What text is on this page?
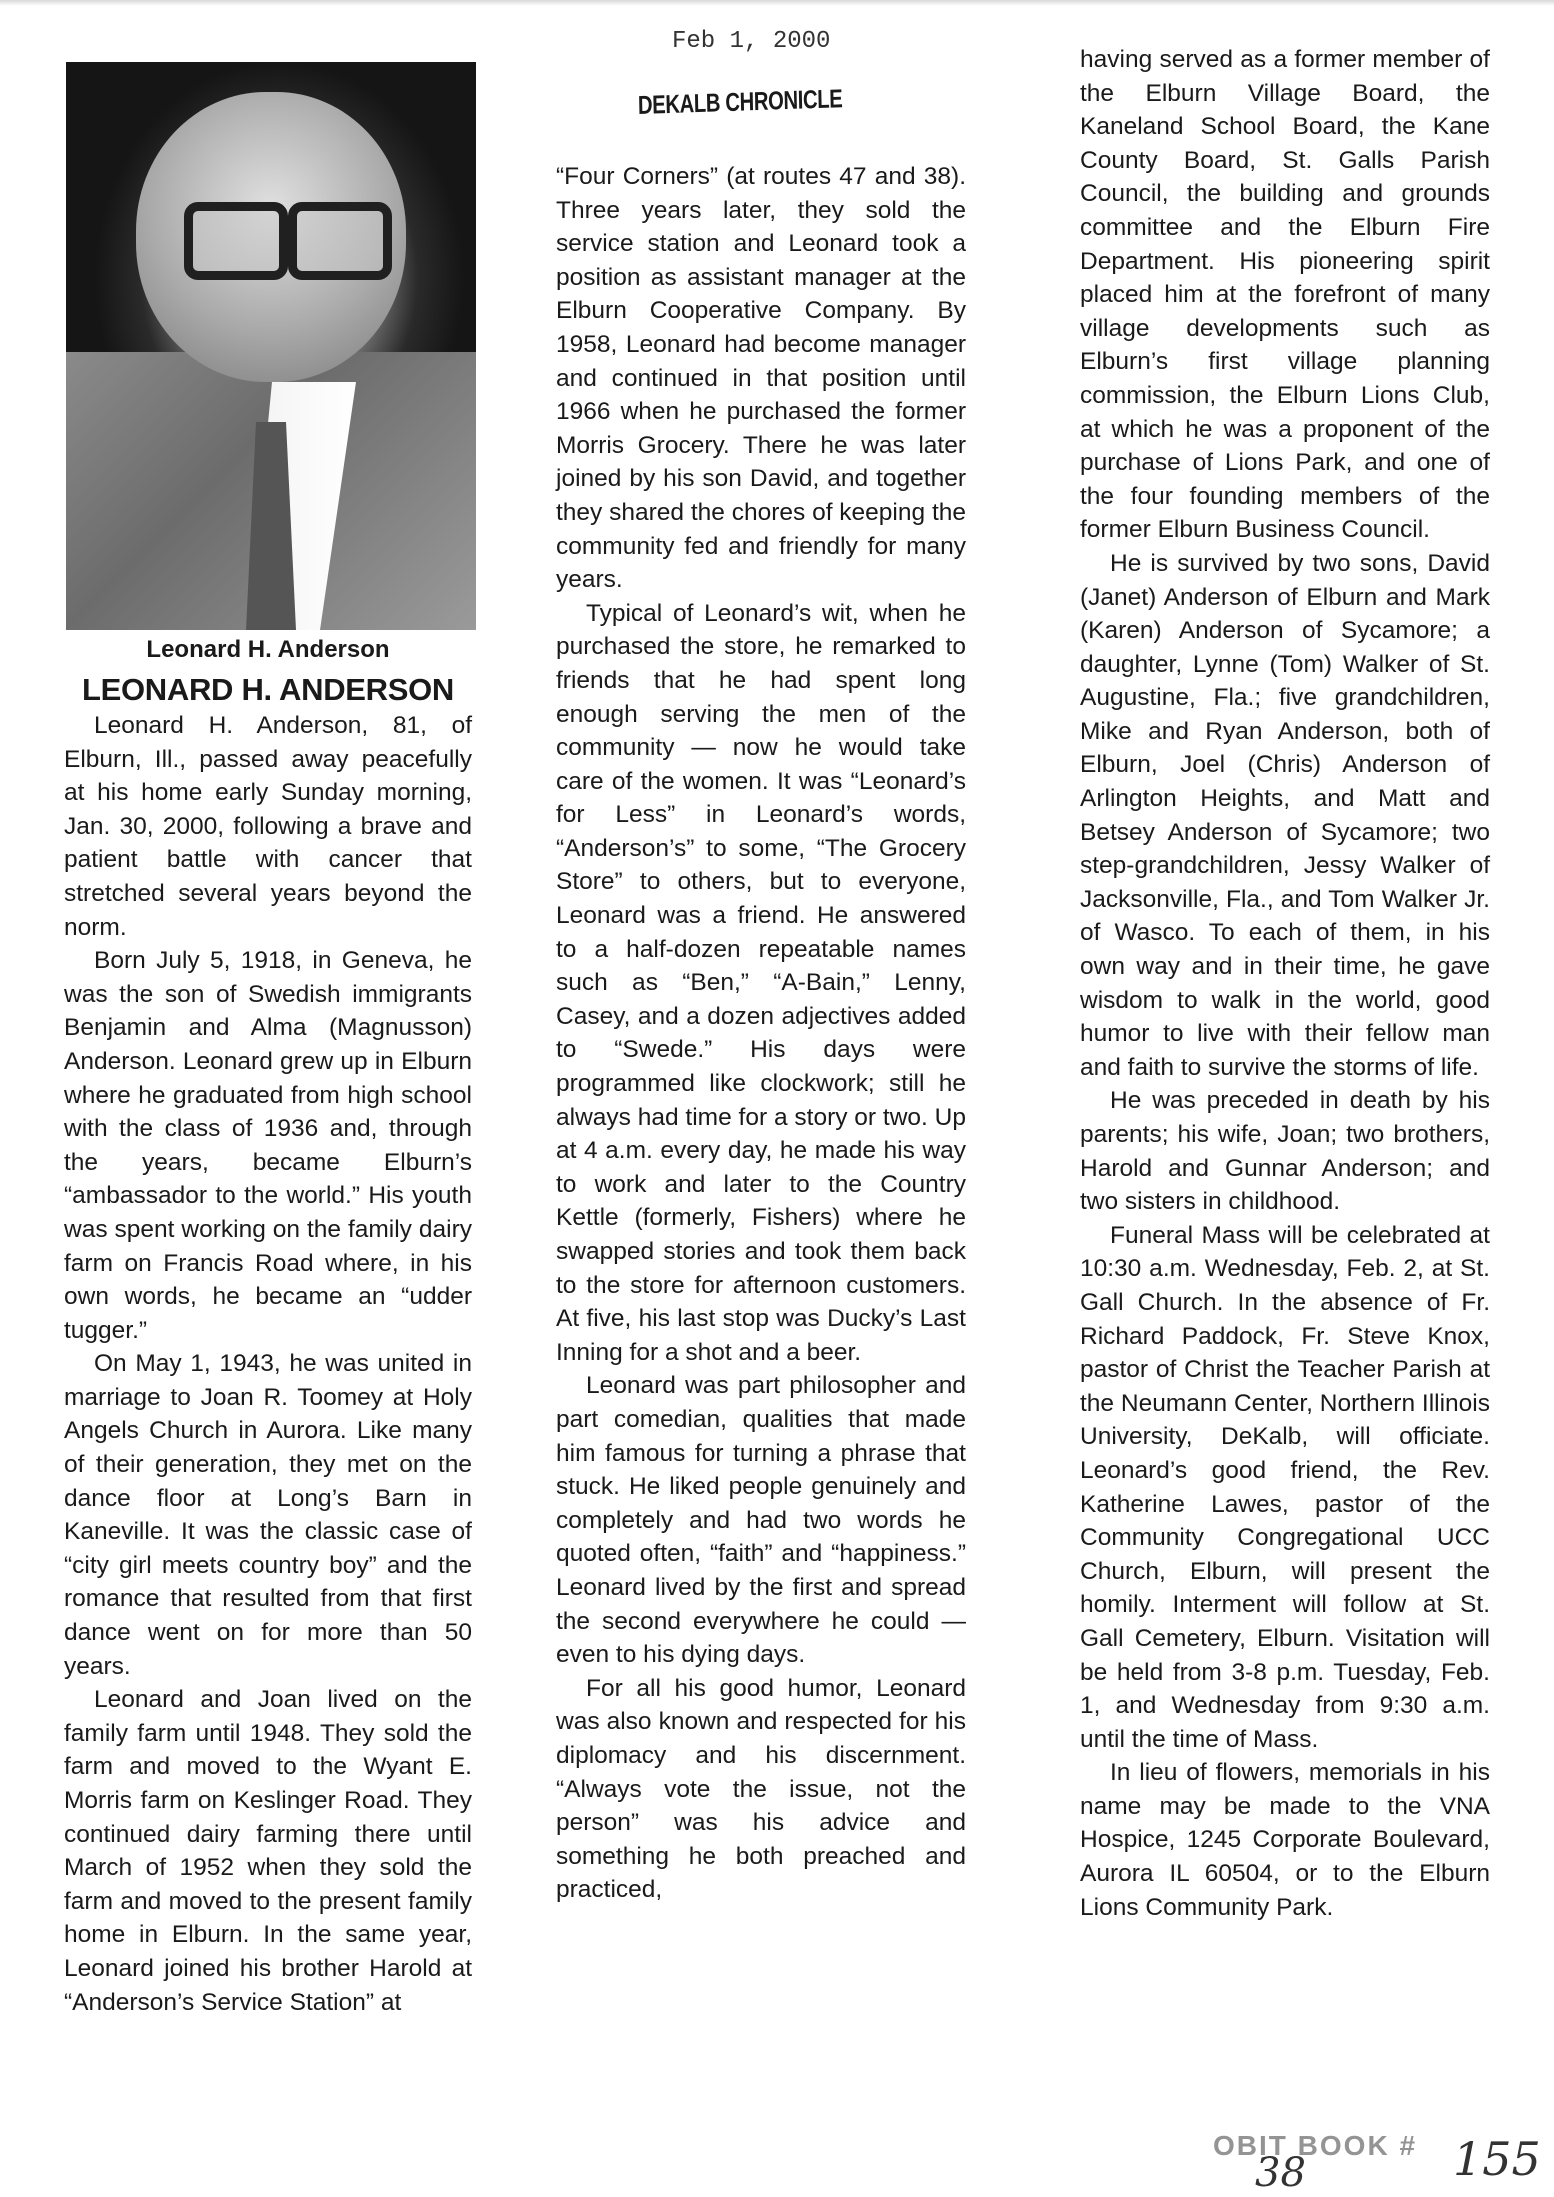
Leonard H. Anderson
LEONARD H. ANDERSON
Feb 1, 2000
DEKALB CHRONICLE

Leonard H. Anderson, 81, of Elburn, Ill., passed away peacefully at his home early Sunday morning, Jan. 30, 2000, following a brave and patient battle with cancer that stretched several years beyond the norm.

Born July 5, 1918, in Geneva, he was the son of Swedish immigrants Benjamin and Alma (Magnusson) Anderson. Leonard grew up in Elburn where he graduated from high school with the class of 1936 and, through the years, became Elburn’s “ambassador to the world.” His youth was spent working on the family dairy farm on Francis Road where, in his own words, he became an “udder tugger.”

On May 1, 1943, he was united in marriage to Joan R. Toomey at Holy Angels Church in Aurora. Like many of their generation, they met on the dance floor at Long’s Barn in Kaneville. It was the classic case of “city girl meets country boy” and the romance that resulted from that first dance went on for more than 50 years.

Leonard and Joan lived on the family farm until 1948. They sold the farm and moved to the Wyant E. Morris farm on Keslinger Road. They continued dairy farming there until March of 1952 when they sold the farm and moved to the present family home in Elburn. In the same year, Leonard joined his brother Harold at “Anderson’s Service Station” at

“Four Corners” (at routes 47 and 38). Three years later, they sold the service station and Leonard took a position as assistant manager at the Elburn Cooperative Company. By 1958, Leonard had become manager and continued in that position until 1966 when he purchased the former Morris Grocery. There he was later joined by his son David, and together they shared the chores of keeping the community fed and friendly for many years.

Typical of Leonard’s wit, when he purchased the store, he remarked to friends that he had spent long enough serving the men of the community — now he would take care of the women. It was “Leonard’s for Less” in Leonard’s words, “Anderson’s” to some, “The Grocery Store” to others, but to everyone, Leonard was a friend. He answered to a half-dozen repeatable names such as “Ben,” “A-Bain,” Lenny, Casey, and a dozen adjectives added to “Swede.” His days were programmed like clockwork; still he always had time for a story or two. Up at 4 a.m. every day, he made his way to work and later to the Country Kettle (formerly, Fishers) where he swapped stories and took them back to the store for afternoon customers. At five, his last stop was Ducky’s Last Inning for a shot and a beer.

Leonard was part philosopher and part comedian, qualities that made him famous for turning a phrase that stuck. He liked people genuinely and completely and had two words he quoted often, “faith” and “happiness.” Leonard lived by the first and spread the second everywhere he could — even to his dying days.

For all his good humor, Leonard was also known and respected for his diplomacy and his discernment. “Always vote the issue, not the person” was his advice and something he both preached and practiced,

having served as a former member of the Elburn Village Board, the Kaneland School Board, the Kane County Board, St. Galls Parish Council, the building and grounds committee and the Elburn Fire Department. His pioneering spirit placed him at the forefront of many village developments such as Elburn’s first village planning commission, the Elburn Lions Club, at which he was a proponent of the purchase of Lions Park, and one of the four founding members of the former Elburn Business Council.

He is survived by two sons, David (Janet) Anderson of Elburn and Mark (Karen) Anderson of Sycamore; a daughter, Lynne (Tom) Walker of St. Augustine, Fla.; five grandchildren, Mike and Ryan Anderson, both of Elburn, Joel (Chris) Anderson of Arlington Heights, and Matt and Betsey Anderson of Sycamore; two step-grandchildren, Jessy Walker of Jacksonville, Fla., and Tom Walker Jr. of Wasco. To each of them, in his own way and in their time, he gave wisdom to walk in the world, good humor to live with their fellow man and faith to survive the storms of life.

He was preceded in death by his parents; his wife, Joan; two brothers, Harold and Gunnar Anderson; and two sisters in childhood.

Funeral Mass will be celebrated at 10:30 a.m. Wednesday, Feb. 2, at St. Gall Church. In the absence of Fr. Richard Paddock, Fr. Steve Knox, pastor of Christ the Teacher Parish at the Neumann Center, Northern Illinois University, DeKalb, will officiate. Leonard’s good friend, the Rev. Katherine Lawes, pastor of the Community Congregational UCC Church, Elburn, will present the homily. Interment will follow at St. Gall Cemetery, Elburn. Visitation will be held from 3-8 p.m. Tuesday, Feb. 1, and Wednesday from 9:30 a.m. until the time of Mass.

In lieu of flowers, memorials in his name may be made to the VNA Hospice, 1245 Corporate Boulevard, Aurora IL 60504, or to the Elburn Lions Community Park.

OBIT BOOK #
38	155
